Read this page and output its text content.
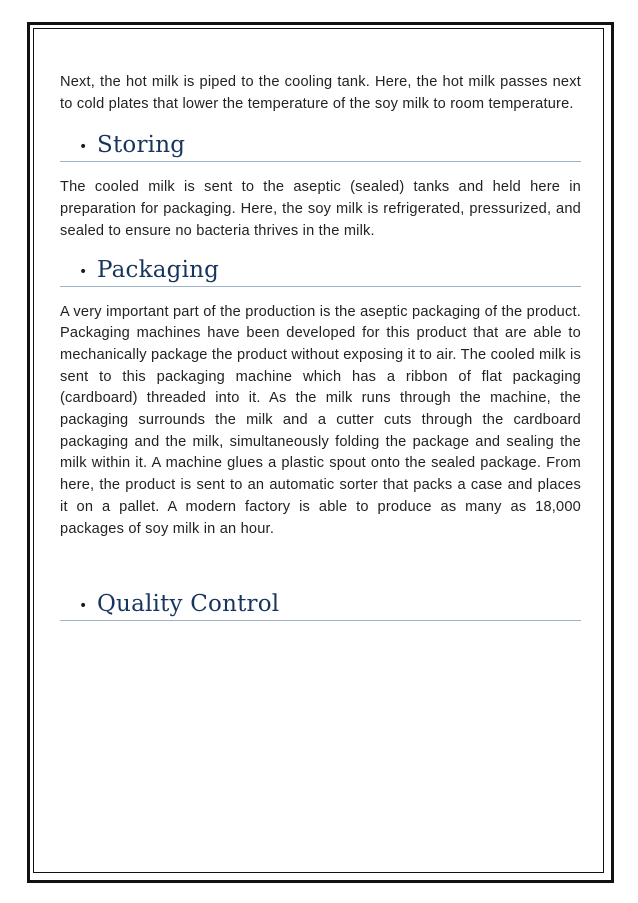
Next, the hot milk is piped to the cooling tank. Here, the hot milk passes next to cold plates that lower the temperature of the soy milk to room temperature.

• Storing

The cooled milk is sent to the aseptic (sealed) tanks and held here in preparation for packaging. Here, the soy milk is refrigerated, pressurized, and sealed to ensure no bacteria thrives in the milk.

• Packaging

A very important part of the production is the aseptic packaging of the product. Packaging machines have been developed for this product that are able to mechanically package the product without exposing it to air. The cooled milk is sent to this packaging machine which has a ribbon of flat packaging (cardboard) threaded into it. As the milk runs through the machine, the packaging surrounds the milk and a cutter cuts through the cardboard packaging and the milk, simultaneously folding the package and sealing the milk within it. A machine glues a plastic spout onto the sealed package. From here, the product is sent to an automatic sorter that packs a case and places it on a pallet. A modern factory is able to produce as many as 18,000 packages of soy milk in an hour.

• Quality Control
